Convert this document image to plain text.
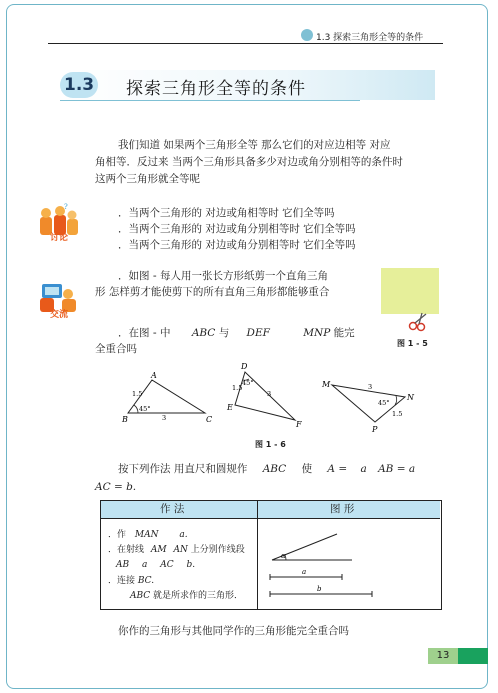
1.3 探索三角形全等的条件
1.3 探索三角形全等的条件
我们知道 如果两个三角形全等 那么它们的对应边相等 对应
角相等．反过来 当两个三角形具备多少对边或角分别相等的条件时
这两个三角形就全等呢
?
讨论
．当两个三角形的 对边或角相等时 它们全等吗
．当两个三角形的 对边或角分别相等时 它们全等吗
．当两个三角形的 对边或角分别相等时 它们全等吗
交流
．如图 - 每人用一张长方形纸剪一个直角三角
形 怎样剪才能使剪下的所有直角三角形都能够重合
图 1 - 5
．在图 - 中 ABC 与 DEF	MNP 能完
全重合吗
A
B	C
1.5
3
45°
D
E
F
1.5
3
45°	M
N
P
3
1.5
45°
图 1 - 6
按下列作法 用直尺和圆规作 ABC 使 A = a AB = a
AC = b.
作 法	图 形
．作 MAN a.
．在射线 AM AN 上分别作线段
AB a AC b.
．连接 BC.
ABC 就是所求作的三角形．
α
a
b
你作的三角形与其他同学作的三角形能完全重合吗
13
